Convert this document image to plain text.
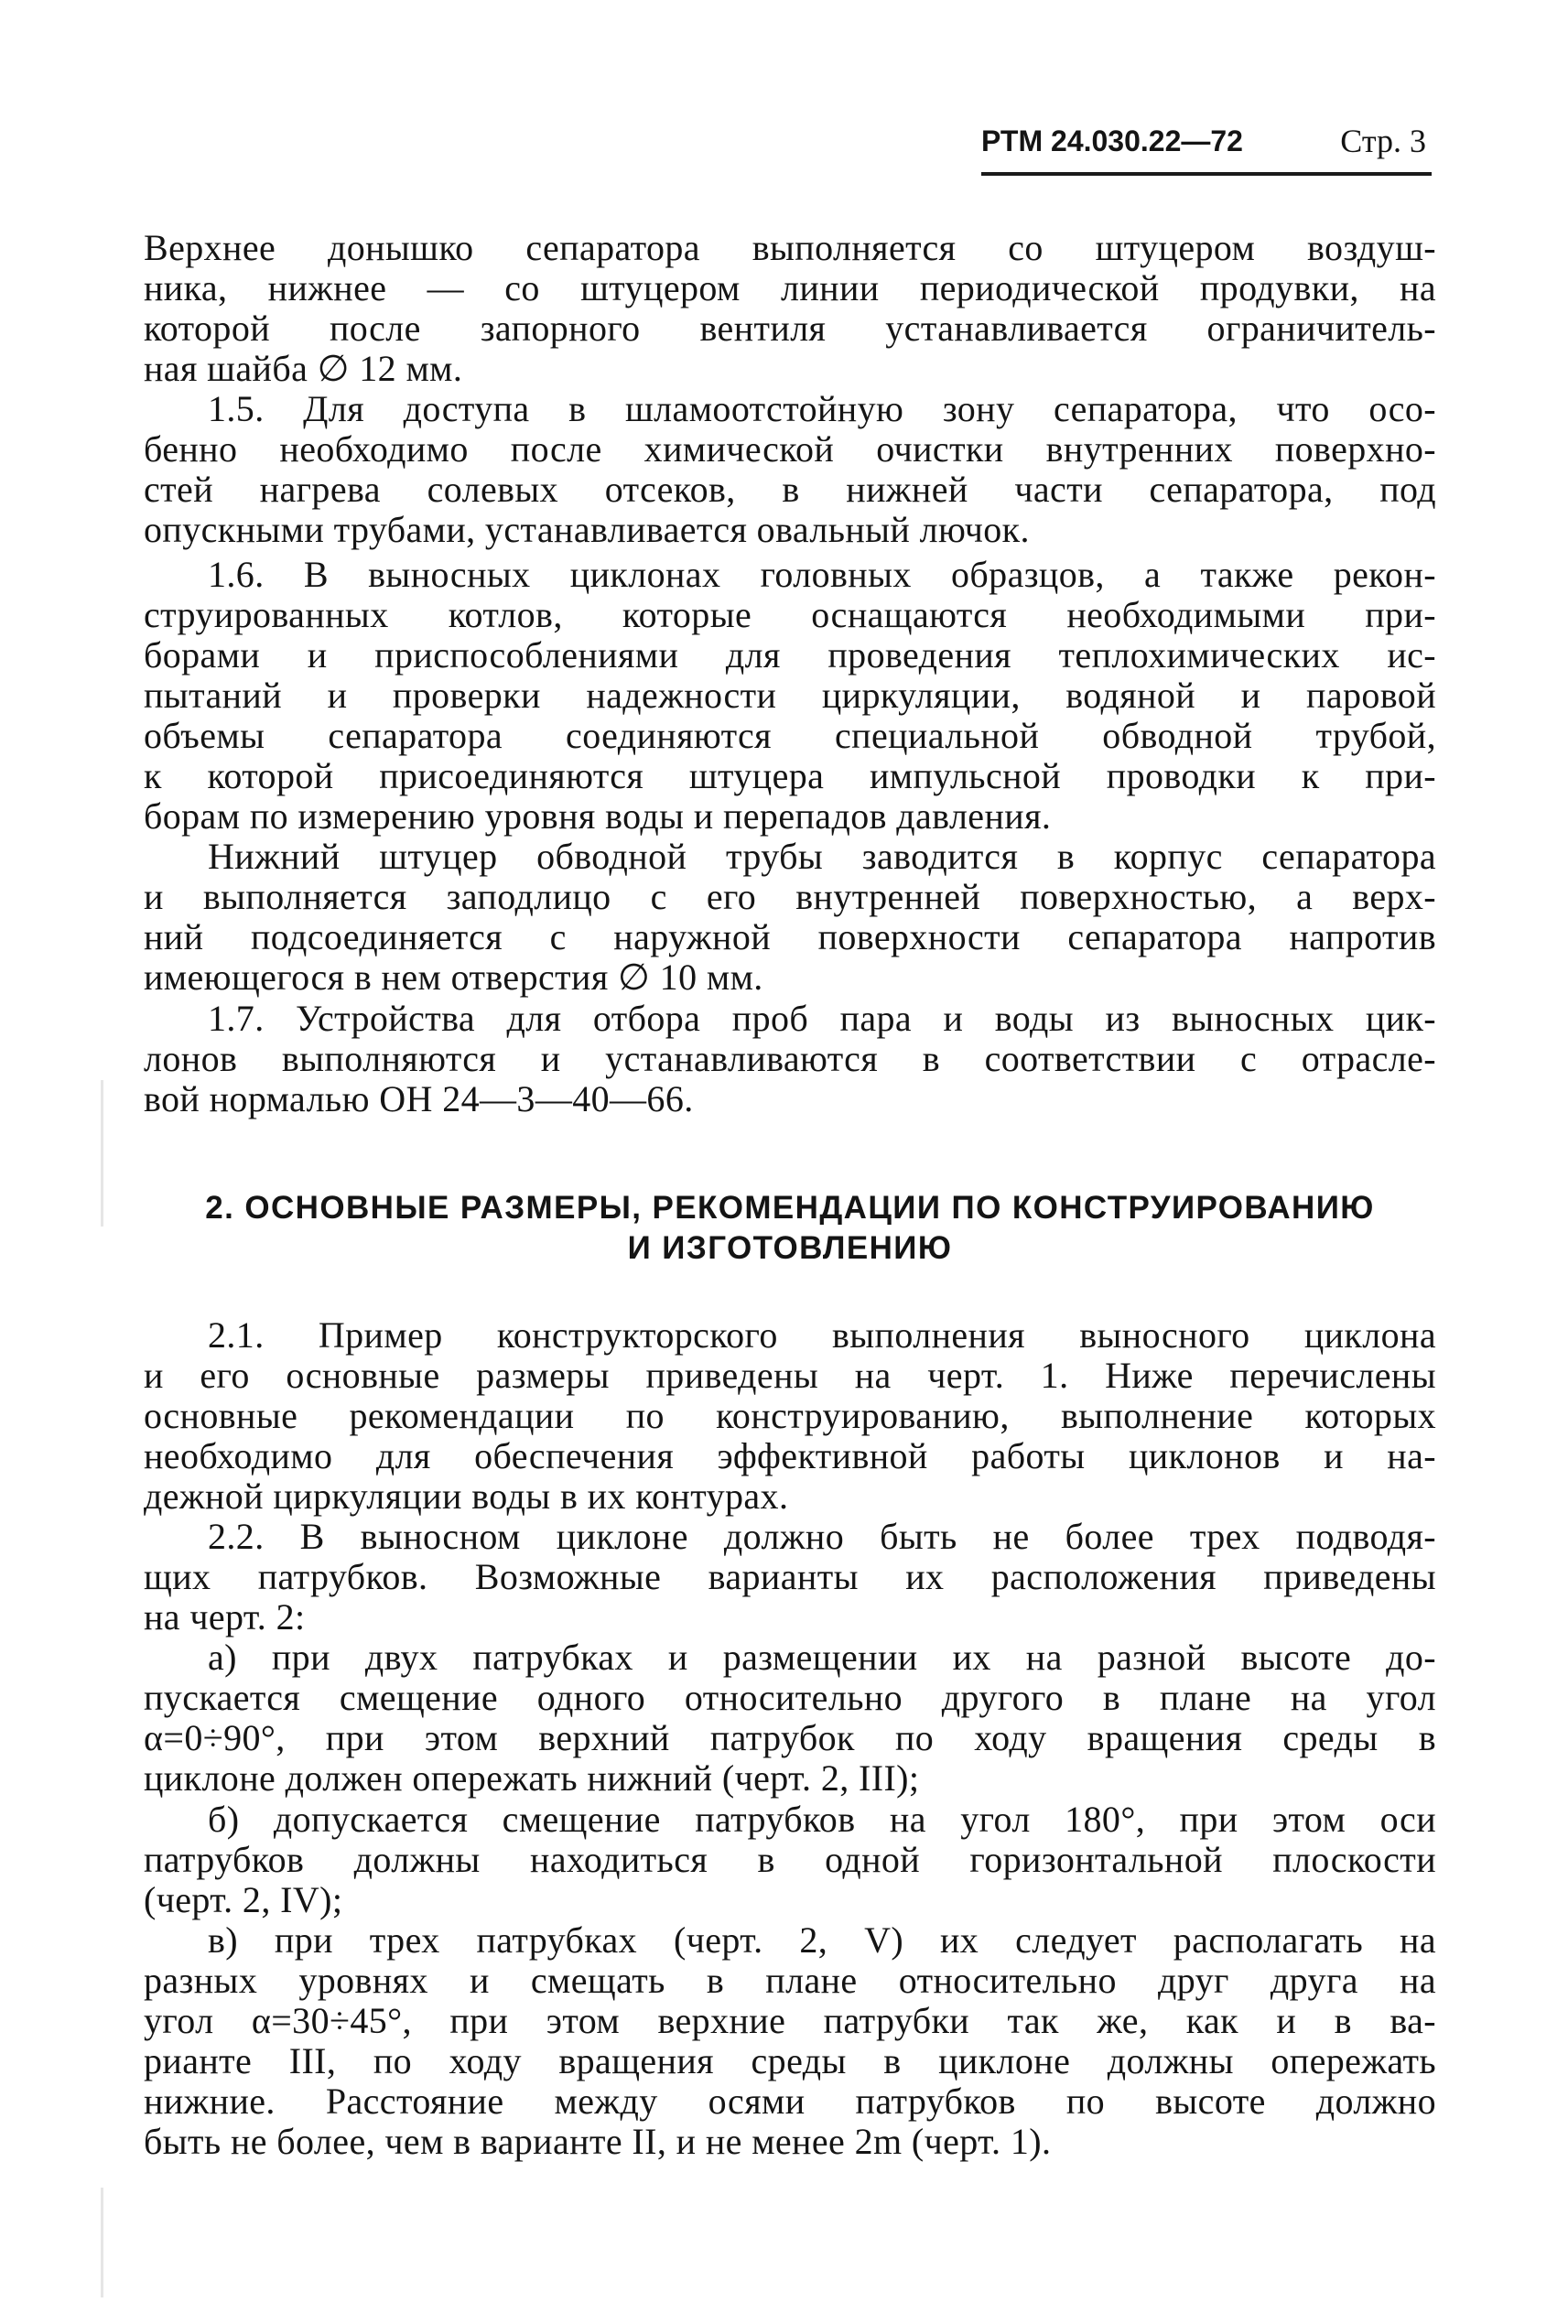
РТМ 24.030.22—72	Стр. 3
Верхнее донышко сепаратора выполняется со штуцером воздуш-
ника, нижнее — со штуцером линии периодической продувки, на
которой после запорного вентиля устанавливается ограничитель-
ная шайба ∅ 12 мм.
1.5. Для доступа в шламоотстойную зону сепаратора, что осо-
бенно необходимо после химической очистки внутренних поверхно-
стей нагрева солевых отсеков, в нижней части сепаратора, под
опускными трубами, устанавливается овальный лючок.
1.6. В выносных циклонах головных образцов, а также рекон-
струированных котлов, которые оснащаются необходимыми при-
борами и приспособлениями для проведения теплохимических ис-
пытаний и проверки надежности циркуляции, водяной и паровой
объемы сепаратора соединяются специальной обводной трубой,
к которой присоединяются штуцера импульсной проводки к при-
борам по измерению уровня воды и перепадов давления.
Нижний штуцер обводной трубы заводится в корпус сепаратора
и выполняется заподлицо с его внутренней поверхностью, а верх-
ний подсоединяется с наружной поверхности сепаратора напротив
имеющегося в нем отверстия ∅ 10 мм.
1.7. Устройства для отбора проб пара и воды из выносных цик-
лонов выполняются и устанавливаются в соответствии с отрасле-
вой нормалью ОН 24—3—40—66.
2. ОСНОВНЫЕ РАЗМЕРЫ, РЕКОМЕНДАЦИИ ПО КОНСТРУИРОВАНИЮ
И ИЗГОТОВЛЕНИЮ
2.1. Пример конструкторского выполнения выносного циклона
и его основные размеры приведены на черт. 1. Ниже перечислены
основные рекомендации по конструированию, выполнение которых
необходимо для обеспечения эффективной работы циклонов и на-
дежной циркуляции воды в их контурах.
2.2. В выносном циклоне должно быть не более трех подводя-
щих патрубков. Возможные варианты их расположения приведены
на черт. 2:
а) при двух патрубках и размещении их на разной высоте до-
пускается смещение одного относительно другого в плане на угол
α=0÷90°, при этом верхний патрубок по ходу вращения среды в
циклоне должен опережать нижний (черт. 2, III);
б) допускается смещение патрубков на угол 180°, при этом оси
патрубков должны находиться в одной горизонтальной плоскости
(черт. 2, IV);
в) при трех патрубках (черт. 2, V) их следует располагать на
разных уровнях и смещать в плане относительно друг друга на
угол α=30÷45°, при этом верхние патрубки так же, как и в ва-
рианте III, по ходу вращения среды в циклоне должны опережать
нижние. Расстояние между осями патрубков по высоте должно
быть не более, чем в варианте II, и не менее 2m (черт. 1).
